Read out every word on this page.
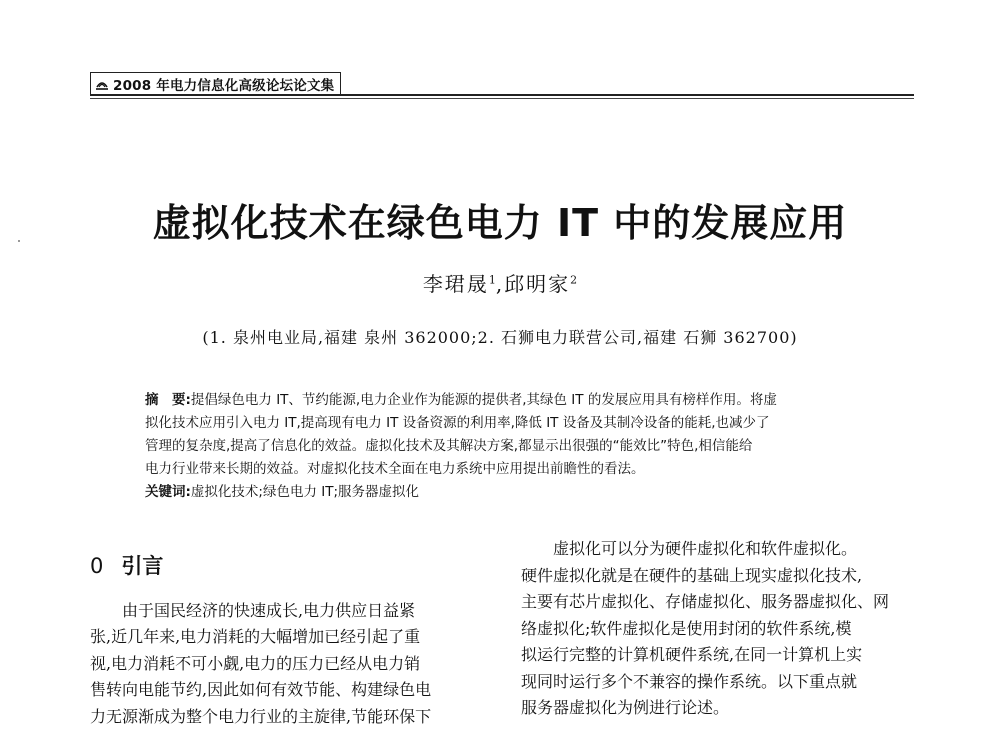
2008 年电力信息化高级论坛论文集
虚拟化技术在绿色电力 IT 中的发展应用
李珺晟$^1$,邱明家$^2$
(1. 泉州电业局,福建 泉州 362000;2. 石狮电力联营公司,福建 石狮 362700)

摘　要:提倡绿色电力 IT、节约能源,电力企业作为能源的提供者,其绿色 IT 的发展应用具有榜样作用。将虚

拟化技术应用引入电力 IT,提高现有电力 IT 设备资源的利用率,降低 IT 设备及其制冷设备的能耗,也减少了

管理的复杂度,提高了信息化的效益。虚拟化技术及其解决方案,都显示出很强的“能效比”特色,相信能给

电力行业带来长期的效益。对虚拟化技术全面在电力系统中应用提出前瞻性的看法。

关键词:虚拟化技术;绿色电力 IT;服务器虚拟化

0 引言

　　由于国民经济的快速成长,电力供应日益紧

张,近几年来,电力消耗的大幅增加已经引起了重

视,电力消耗不可小觑,电力的压力已经从电力销

售转向电能节约,因此如何有效节能、构建绿色电

力无源渐成为整个电力行业的主旋律,节能环保下

　　虚拟化可以分为硬件虚拟化和软件虚拟化。

硬件虚拟化就是在硬件的基础上现实虚拟化技术,

主要有芯片虚拟化、存储虚拟化、服务器虚拟化、网

络虚拟化;软件虚拟化是使用封闭的软件系统,模

拟运行完整的计算机硬件系统,在同一计算机上实

现同时运行多个不兼容的操作系统。以下重点就

服务器虚拟化为例进行论述。
